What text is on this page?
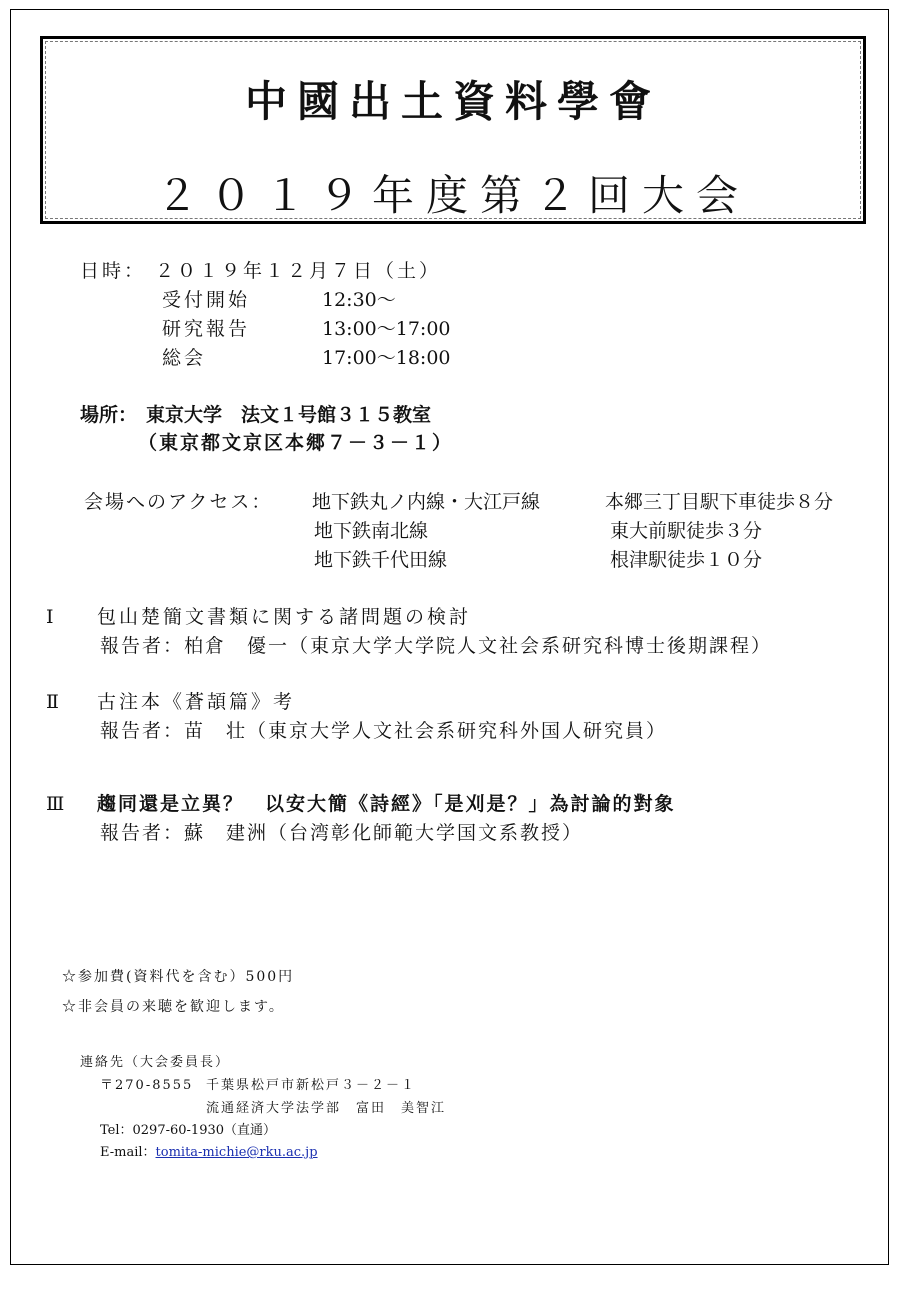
中國出土資料學會
２０１９年度第２回大会
日時： ２０１９年１２月７日（土）
受付開始	12:30～
研究報告	13:00～17:00
総会	17:00～18:00
場所： 東京大学　法文１号館３１５教室
（東京都文京区本郷７－３－１）
会場へのアクセス： 地下鉄丸ノ内線・大江戸線	本郷三丁目駅下車徒歩８分
地下鉄南北線	東大前駅徒歩３分
地下鉄千代田線	根津駅徒歩１０分
Ⅰ 包山楚簡文書類に関する諸問題の検討
報告者：柏倉　優一（東京大学大学院人文社会系研究科博士後期課程）
Ⅱ 古注本《蒼頡篇》考
報告者：苗　壮（東京大学人文社会系研究科外国人研究員）
Ⅲ 趨同還是立異？　以安大簡《詩經》「是刈是？」為討論的對象
報告者：蘇　建洲（台湾彰化師範大学国文系教授）
☆参加費(資料代を含む）500円
☆非会員の来聴を歓迎します。
連絡先（大会委員長）
〒270-8555 千葉県松戸市新松戸３－２－１
流通経済大学法学部　富田　美智江
Tel：0297-60-1930（直通）
E-mail：tomita-michie@rku.ac.jp
